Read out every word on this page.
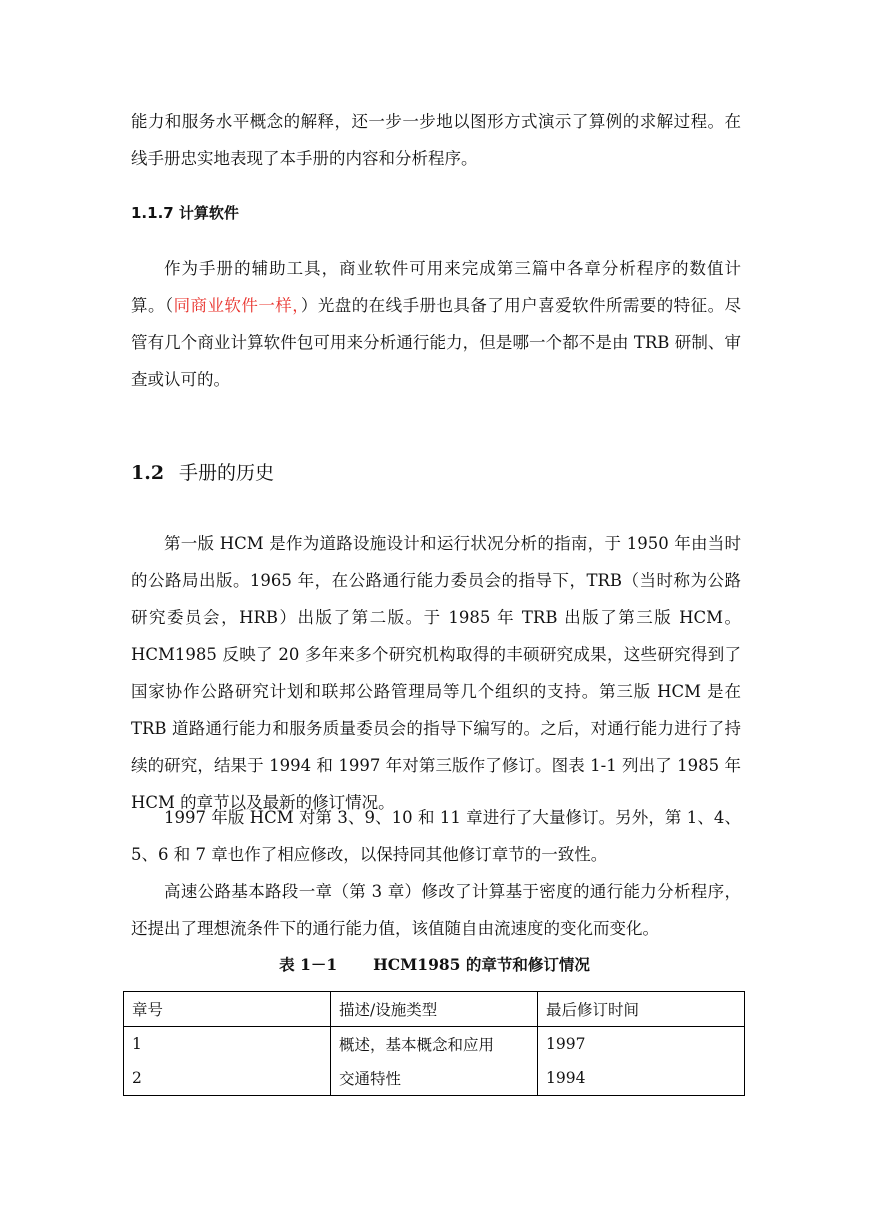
能力和服务水平概念的解释，还一步一步地以图形方式演示了算例的求解过程。在线手册忠实地表现了本手册的内容和分析程序。

1.1.7 计算软件

作为手册的辅助工具，商业软件可用来完成第三篇中各章分析程序的数值计算。（同商业软件一样，）光盘的在线手册也具备了用户喜爱软件所需要的特征。尽管有几个商业计算软件包可用来分析通行能力，但是哪一个都不是由 TRB 研制、审查或认可的。

1.2 手册的历史

第一版 HCM 是作为道路设施设计和运行状况分析的指南，于 1950 年由当时的公路局出版。1965 年，在公路通行能力委员会的指导下，TRB（当时称为公路研究委员会，HRB）出版了第二版。于 1985 年 TRB 出版了第三版 HCM。HCM1985 反映了 20 多年来多个研究机构取得的丰硕研究成果，这些研究得到了国家协作公路研究计划和联邦公路管理局等几个组织的支持。第三版 HCM 是在 TRB 道路通行能力和服务质量委员会的指导下编写的。之后，对通行能力进行了持续的研究，结果于 1994 和 1997 年对第三版作了修订。图表 1-1 列出了 1985 年 HCM 的章节以及最新的修订情况。

1997 年版 HCM 对第 3、9、10 和 11 章进行了大量修订。另外，第 1、4、5、6 和 7 章也作了相应修改，以保持同其他修订章节的一致性。

高速公路基本路段一章（第 3 章）修改了计算基于密度的通行能力分析程序，还提出了理想流条件下的通行能力值，该值随自由流速度的变化而变化。

表 1－1 HCM1985 的章节和修订情况

章号	描述/设施类型	最后修订时间
1	概述，基本概念和应用	1997
2	交通特性	1994
